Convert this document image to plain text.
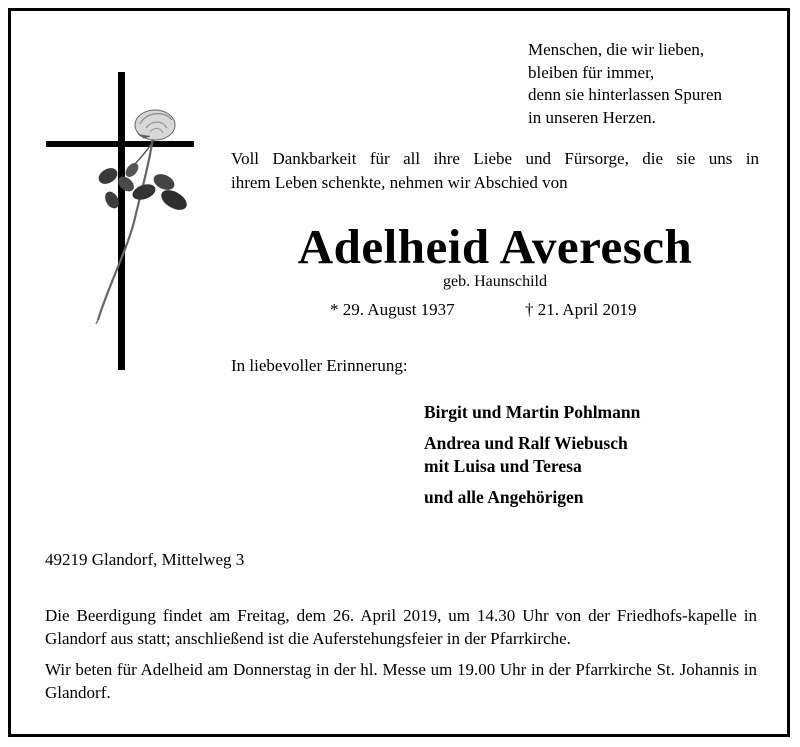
Menschen, die wir lieben,
bleiben für immer,
denn sie hinterlassen Spuren
in unseren Herzen.
Voll Dankbarkeit für all ihre Liebe und Fürsorge, die sie uns in
ihrem Leben schenkte, nehmen wir Abschied von
Adelheid Averesch
geb. Haunschild
* 29. August 1937	† 21. April 2019
In liebevoller Erinnerung:
Birgit und Martin Pohlmann
Andrea und Ralf Wiebusch
mit Luisa und Teresa
und alle Angehörigen
49219 Glandorf, Mittelweg 3
Die Beerdigung findet am Freitag, dem 26. April 2019, um 14.30 Uhr von der Friedhofs-kapelle in Glandorf aus statt; anschließend ist die Auferstehungsfeier in der Pfarrkirche.
Wir beten für Adelheid am Donnerstag in der hl. Messe um 19.00 Uhr in der Pfarrkirche St. Johannis in Glandorf.
